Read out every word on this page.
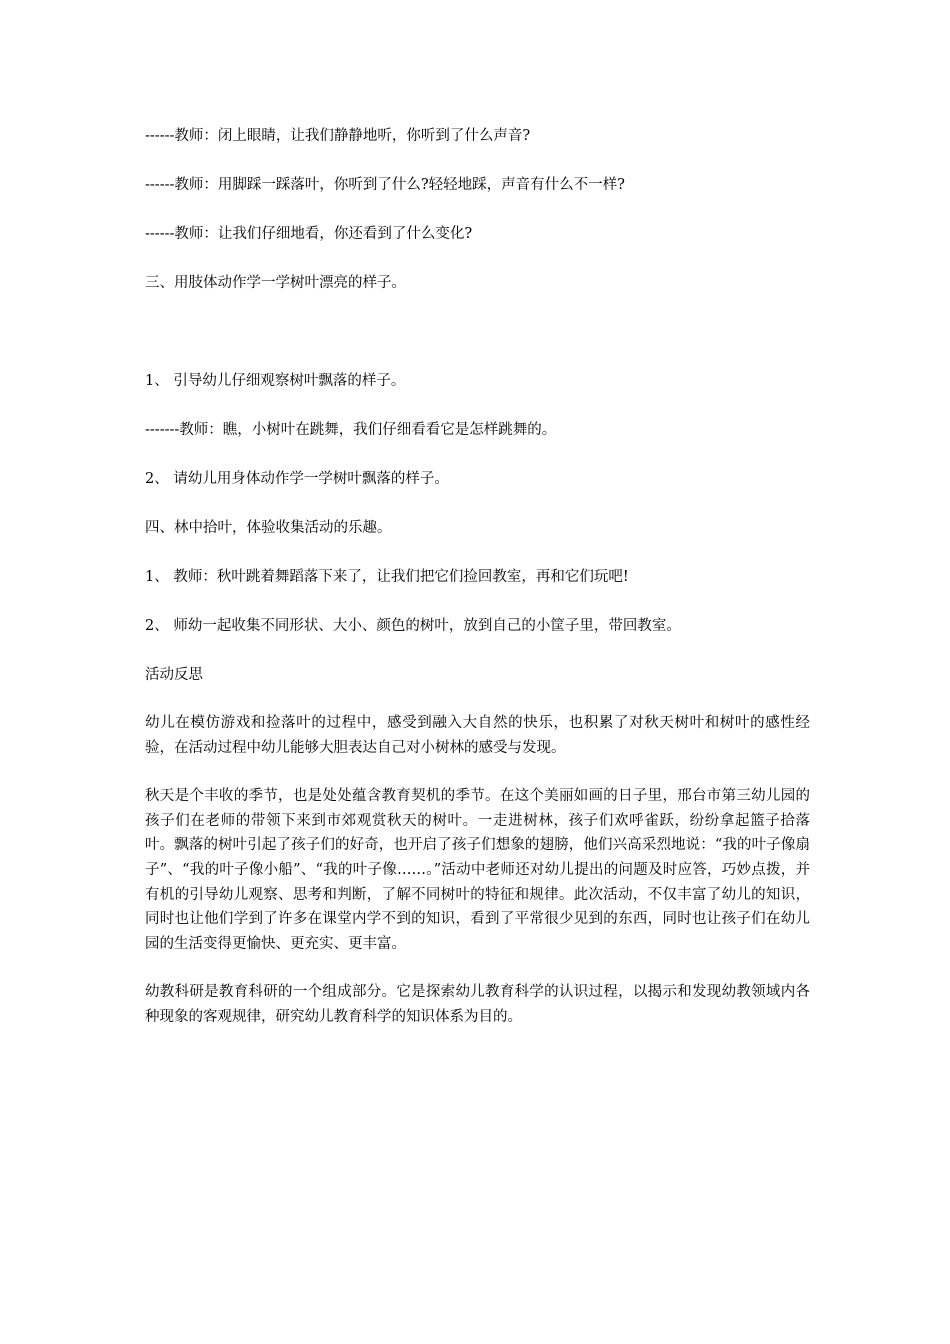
------教师：闭上眼睛，让我们静静地听，你听到了什么声音?

------教师：用脚踩一踩落叶，你听到了什么?轻轻地踩，声音有什么不一样?

------教师：让我们仔细地看，你还看到了什么变化?

三、用肢体动作学一学树叶漂亮的样子。

1、 引导幼儿仔细观察树叶飘落的样子。

-------教师：瞧，小树叶在跳舞，我们仔细看看它是怎样跳舞的。

2、 请幼儿用身体动作学一学树叶飘落的样子。

四、林中拾叶，体验收集活动的乐趣。

1、 教师：秋叶跳着舞蹈落下来了，让我们把它们捡回教室，再和它们玩吧!

2、 师幼一起收集不同形状、大小、颜色的树叶，放到自己的小筐子里，带回教室。

活动反思

幼儿在模仿游戏和捡落叶的过程中，感受到融入大自然的快乐，也积累了对秋天树叶和树叶的感性经验，在活动过程中幼儿能够大胆表达自己对小树林的感受与发现。

秋天是个丰收的季节，也是处处蕴含教育契机的季节。在这个美丽如画的日子里，邢台市第三幼儿园的孩子们在老师的带领下来到市郊观赏秋天的树叶。一走进树林，孩子们欢呼雀跃，纷纷拿起篮子拾落叶。飘落的树叶引起了孩子们的好奇，也开启了孩子们想象的翅膀，他们兴高采烈地说：“我的叶子像扇子”、“我的叶子像小船”、“我的叶子像……。”活动中老师还对幼儿提出的问题及时应答，巧妙点拨，并有机的引导幼儿观察、思考和判断，了解不同树叶的特征和规律。此次活动，不仅丰富了幼儿的知识，同时也让他们学到了许多在课堂内学不到的知识，看到了平常很少见到的东西，同时也让孩子们在幼儿园的生活变得更愉快、更充实、更丰富。

幼教科研是教育科研的一个组成部分。它是探索幼儿教育科学的认识过程，以揭示和发现幼教领域内各种现象的客观规律，研究幼儿教育科学的知识体系为目的。
